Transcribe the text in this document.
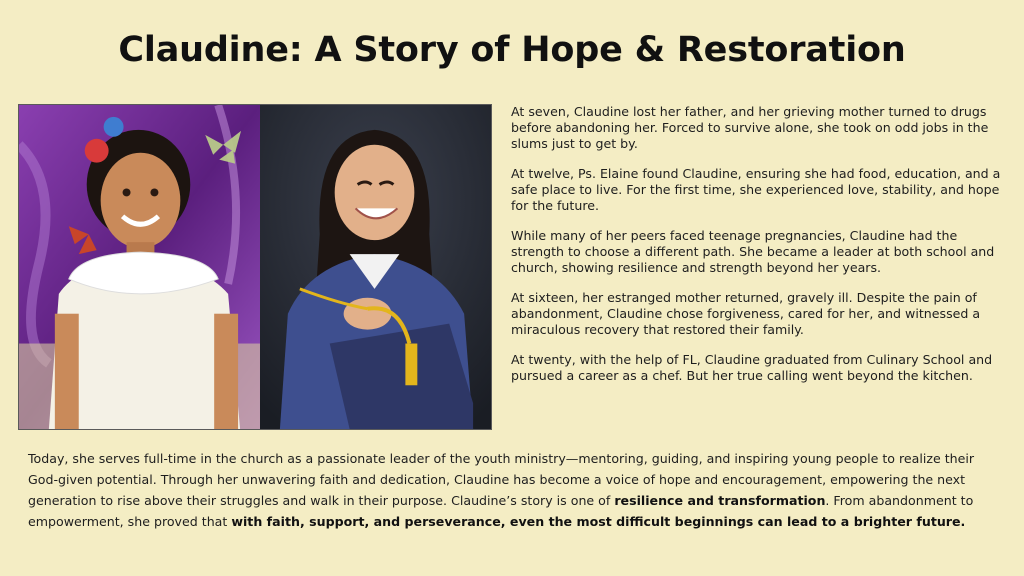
Claudine: A Story of Hope & Restoration

At seven, Claudine lost her father, and her grieving mother turned to drugs before abandoning her. Forced to survive alone, she took on odd jobs in the slums just to get by.

At twelve, Ps. Elaine found Claudine, ensuring she had food, education, and a safe place to live. For the first time, she experienced love, stability, and hope for the future.

While many of her peers faced teenage pregnancies, Claudine had the strength to choose a different path. She became a leader at both school and church, showing resilience and strength beyond her years.

At sixteen, her estranged mother returned, gravely ill. Despite the pain of abandonment, Claudine chose forgiveness, cared for her, and witnessed a miraculous recovery that restored their family.

At twenty, with the help of FL, Claudine graduated from Culinary School and pursued a career as a chef. But her true calling went beyond the kitchen.

Today, she serves full-time in the church as a passionate leader of the youth ministry—mentoring, guiding, and inspiring young people to realize their God-given potential. Through her unwavering faith and dedication, Claudine has become a voice of hope and encouragement, empowering the next generation to rise above their struggles and walk in their purpose. Claudine’s story is one of resilience and transformation. From abandonment to empowerment, she proved that with faith, support, and perseverance, even the most difficult beginnings can lead to a brighter future.
